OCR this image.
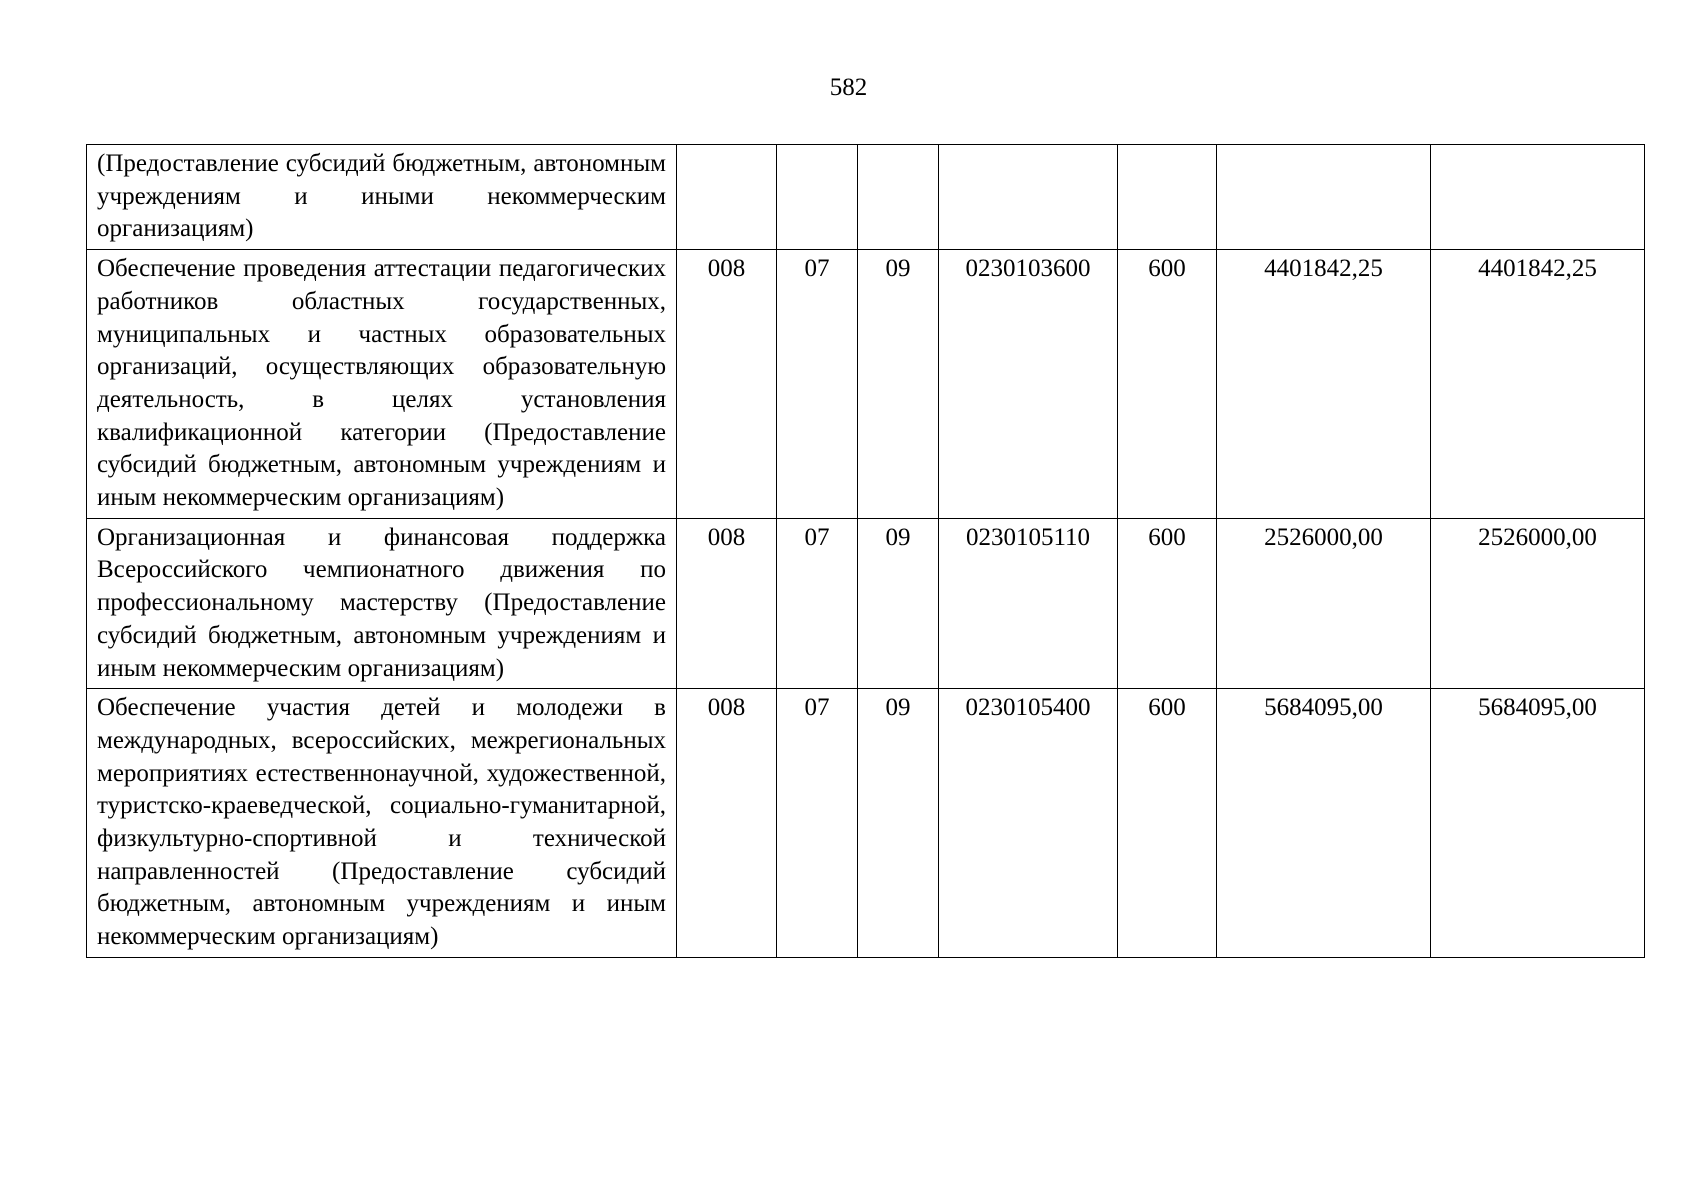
582
(Предоставление субсидий бюджетным, автономным учреждениям и иными некоммерческим организациям)							
Обеспечение проведения аттестации педагогических работников областных государственных, муниципальных и частных образовательных организаций, осуществляющих образовательную деятельность, в целях установления квалификационной категории (Предоставление субсидий бюджетным, автономным учреждениям и иным некоммерческим организациям)	008	07	09	0230103600	600	4401842,25	4401842,25
Организационная и финансовая поддержка Всероссийского чемпионатного движения по профессиональному мастерству (Предоставление субсидий бюджетным, автономным учреждениям и иным некоммерческим организациям)	008	07	09	0230105110	600	2526000,00	2526000,00
Обеспечение участия детей и молодежи в международных, всероссийских, межрегиональных мероприятиях естественнонаучной, художественной, туристско-краеведческой, социально-гуманитарной, физкультурно-спортивной и технической направленностей (Предоставление субсидий бюджетным, автономным учреждениям и иным некоммерческим организациям)	008	07	09	0230105400	600	5684095,00	5684095,00
